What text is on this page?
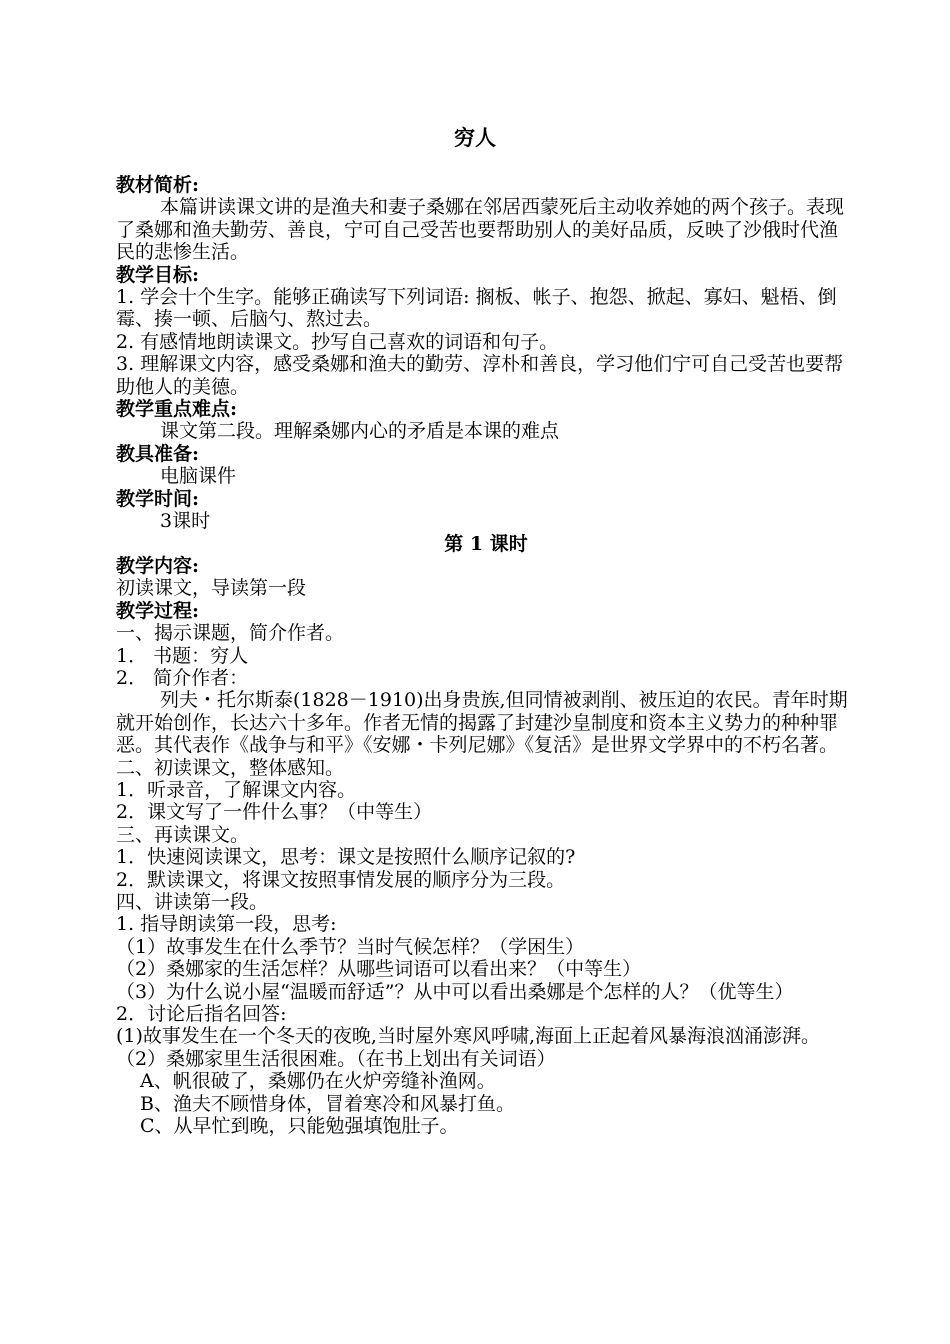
穷人

教材简析:

本篇讲读课文讲的是渔夫和妻子桑娜在邻居西蒙死后主动收养她的两个孩子。表现了桑娜和渔夫勤劳、善良，宁可自己受苦也要帮助别人的美好品质，反映了沙俄时代渔民的悲惨生活。

教学目标:

1. 学会十个生字。能够正确读写下列词语: 搁板、帐子、抱怨、掀起、寡妇、魁梧、倒霉、揍一顿、后脑勺、熬过去。

2. 有感情地朗读课文。抄写自己喜欢的词语和句子。

3. 理解课文内容，感受桑娜和渔夫的勤劳、淳朴和善良，学习他们宁可自己受苦也要帮助他人的美德。

教学重点难点:

课文第二段。理解桑娜内心的矛盾是本课的难点

教具准备:

电脑课件

教学时间:

3课时

第 1 课时

教学内容:

初读课文，导读第一段

教学过程:

一、揭示课题，简介作者。

1． 书题：穷人

2． 简介作者：

列夫・托尔斯泰(1828－1910)出身贵族,但同情被剥削、被压迫的农民。青年时期就开始创作，长达六十多年。作者无情的揭露了封建沙皇制度和资本主义势力的种种罪恶。其代表作《战争与和平》《安娜・卡列尼娜》《复活》是世界文学界中的不朽名著。

二、初读课文，整体感知。

1．听录音，了解课文内容。

2．课文写了一件什么事？（中等生）

三、再读课文。

1．快速阅读课文，思考：课文是按照什么顺序记叙的?

2．默读课文，将课文按照事情发展的顺序分为三段。

四、讲读第一段。

1. 指导朗读第一段，思考:

（1）故事发生在什么季节？当时气候怎样？（学困生）

（2）桑娜家的生活怎样？从哪些词语可以看出来？（中等生）

（3）为什么说小屋“温暖而舒适”？从中可以看出桑娜是个怎样的人？（优等生）

2．讨论后指名回答:

(1)故事发生在一个冬天的夜晚,当时屋外寒风呼啸,海面上正起着风暴海浪汹涌澎湃。

（2）桑娜家里生活很困难。（在书上划出有关词语）

A、帆很破了，桑娜仍在火炉旁缝补渔网。

B、渔夫不顾惜身体，冒着寒冷和风暴打鱼。

C、从早忙到晚，只能勉强填饱肚子。
